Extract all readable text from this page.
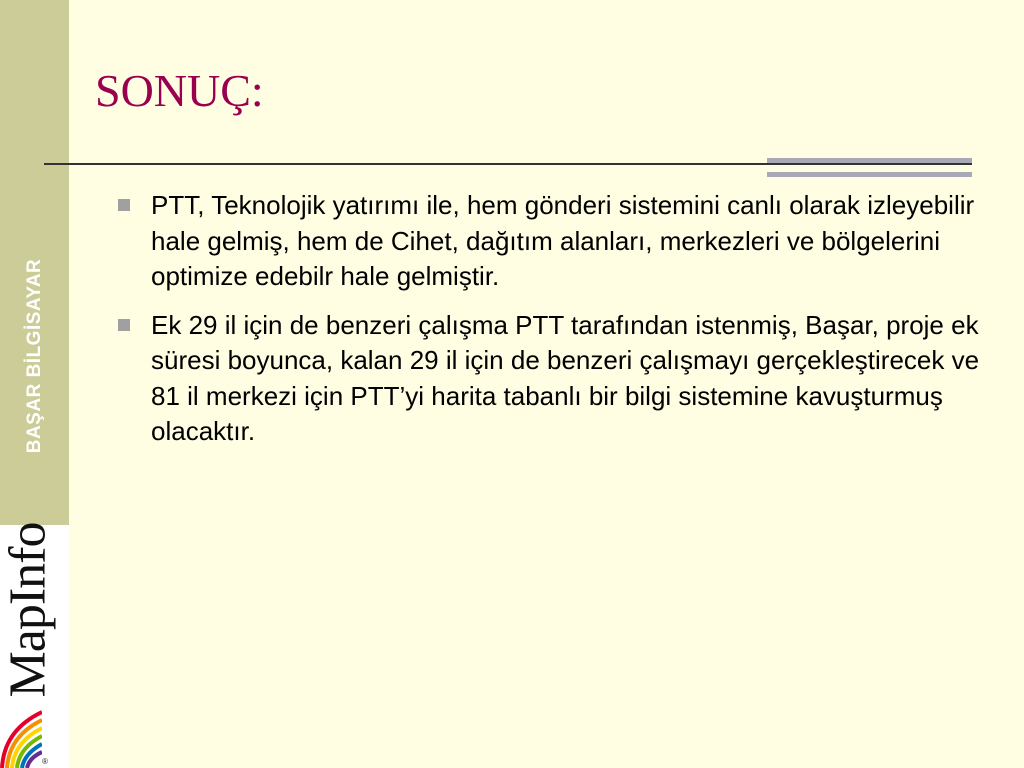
BAŞAR BİLGİSAYAR
MapInfo
®
SONUÇ:
PTT, Teknolojik yatırımı ile, hem gönderi sistemini canlı olarak izleyebilir hale gelmiş, hem de Cihet, dağıtım alanları, merkezleri ve bölgelerini optimize edebilr hale gelmiştir.
Ek 29 il için de benzeri çalışma PTT tarafından istenmiş, Başar, proje ek süresi boyunca, kalan 29 il için de benzeri çalışmayı gerçekleştirecek ve 81 il merkezi için PTT’yi harita tabanlı bir bilgi sistemine kavuşturmuş olacaktır.
